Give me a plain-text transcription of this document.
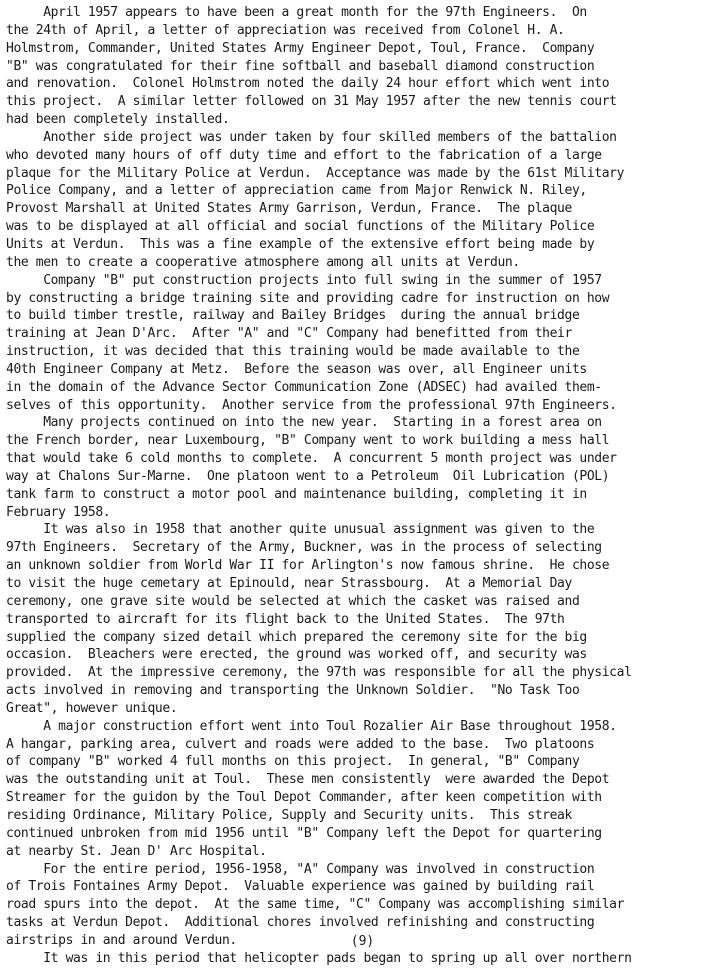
April 1957 appears to have been a great month for the 97th Engineers.  On
the 24th of April, a letter of appreciation was received from Colonel H. A.
Holmstrom, Commander, United States Army Engineer Depot, Toul, France.  Company
"B" was congratulated for their fine softball and baseball diamond construction
and renovation.  Colonel Holmstrom noted the daily 24 hour effort which went into
this project.  A similar letter followed on 31 May 1957 after the new tennis court
had been completely installed.
Another side project was under taken by four skilled members of the battalion
who devoted many hours of off duty time and effort to the fabrication of a large
plaque for the Military Police at Verdun.  Acceptance was made by the 61st Military
Police Company, and a letter of appreciation came from Major Renwick N. Riley,
Provost Marshall at United States Army Garrison, Verdun, France.  The plaque
was to be displayed at all official and social functions of the Military Police
Units at Verdun.  This was a fine example of the extensive effort being made by
the men to create a cooperative atmosphere among all units at Verdun.
Company "B" put construction projects into full swing in the summer of 1957
by constructing a bridge training site and providing cadre for instruction on how
to build timber trestle, railway and Bailey Bridges  during the annual bridge
training at Jean D'Arc.  After "A" and "C" Company had benefitted from their
instruction, it was decided that this training would be made available to the
40th Engineer Company at Metz.  Before the season was over, all Engineer units
in the domain of the Advance Sector Communication Zone (ADSEC) had availed them-
selves of this opportunity.  Another service from the professional 97th Engineers.
Many projects continued on into the new year.  Starting in a forest area on
the French border, near Luxembourg, "B" Company went to work building a mess hall
that would take 6 cold months to complete.  A concurrent 5 month project was under
way at Chalons Sur-Marne.  One platoon went to a Petroleum  Oil Lubrication (POL)
tank farm to construct a motor pool and maintenance building, completing it in
February 1958.
It was also in 1958 that another quite unusual assignment was given to the
97th Engineers.  Secretary of the Army, Buckner, was in the process of selecting
an unknown soldier from World War II for Arlington's now famous shrine.  He chose
to visit the huge cemetary at Epinould, near Strassbourg.  At a Memorial Day
ceremony, one grave site would be selected at which the casket was raised and
transported to aircraft for its flight back to the United States.  The 97th
supplied the company sized detail which prepared the ceremony site for the big
occasion.  Bleachers were erected, the ground was worked off, and security was
provided.  At the impressive ceremony, the 97th was responsible for all the physical
acts involved in removing and transporting the Unknown Soldier.  "No Task Too
Great", however unique.
A major construction effort went into Toul Rozalier Air Base throughout 1958.
A hangar, parking area, culvert and roads were added to the base.  Two platoons
of company "B" worked 4 full months on this project.  In general, "B" Company
was the outstanding unit at Toul.  These men consistently  were awarded the Depot
Streamer for the guidon by the Toul Depot Commander, after keen competition with
residing Ordinance, Military Police, Supply and Security units.  This streak
continued unbroken from mid 1956 until "B" Company left the Depot for quartering
at nearby St. Jean D' Arc Hospital.
For the entire period, 1956-1958, "A" Company was involved in construction
of Trois Fontaines Army Depot.  Valuable experience was gained by building rail
road spurs into the depot.  At the same time, "C" Company was accomplishing similar
tasks at Verdun Depot.  Additional chores involved refinishing and constructing
airstrips in and around Verdun.
It was in this period that helicopter pads began to spring up all over northern
(9)
